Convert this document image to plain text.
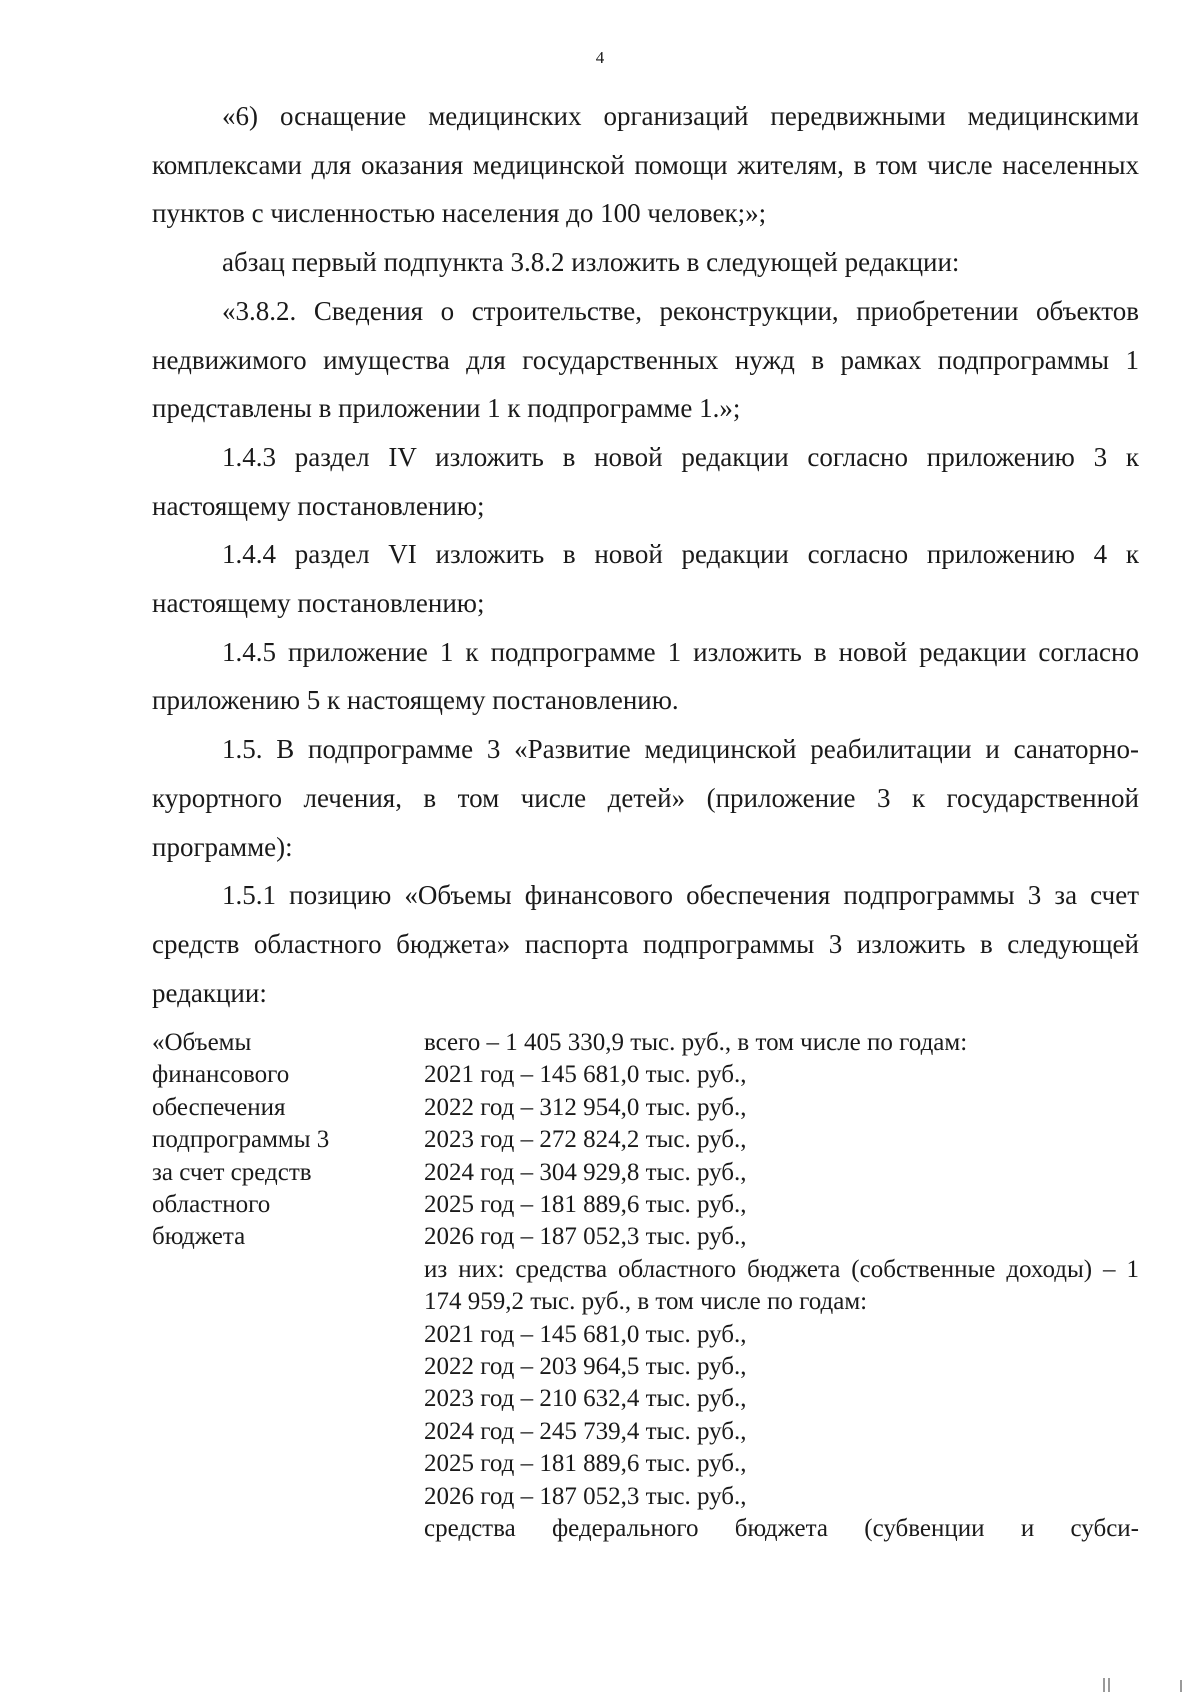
4

«6) оснащение медицинских организаций передвижными медицинскими комплексами для оказания медицинской помощи жителям, в том числе населенных пунктов с численностью населения до 100 человек;»;

абзац первый подпункта 3.8.2 изложить в следующей редакции:

«3.8.2. Сведения о строительстве, реконструкции, приобретении объектов недвижимого имущества для государственных нужд в рамках подпрограммы 1 представлены в приложении 1 к подпрограмме 1.»;

1.4.3 раздел IV изложить в новой редакции согласно приложению 3 к настоящему постановлению;

1.4.4 раздел VI изложить в новой редакции согласно приложению 4 к настоящему постановлению;

1.4.5 приложение 1 к подпрограмме 1 изложить в новой редакции согласно приложению 5 к настоящему постановлению.

1.5. В подпрограмме 3 «Развитие медицинской реабилитации и санаторно-курортного лечения, в том числе детей» (приложение 3 к государственной программе):

1.5.1 позицию «Объемы финансового обеспечения подпрограммы 3 за счет средств областного бюджета» паспорта подпрограммы 3 изложить в следующей редакции:

«Объемы
финансового
обеспечения
подпрограммы 3
за счет средств
областного
бюджета
всего – 1 405 330,9 тыс. руб., в том числе по годам:
2021 год – 145 681,0 тыс. руб.,
2022 год – 312 954,0 тыс. руб.,
2023 год – 272 824,2 тыс. руб.,
2024 год – 304 929,8 тыс. руб.,
2025 год – 181 889,6 тыс. руб.,
2026 год – 187 052,3 тыс. руб.,
из них: средства областного бюджета (собственные доходы) – 1 174 959,2 тыс. руб., в том числе по годам:
2021 год – 145 681,0 тыс. руб.,
2022 год – 203 964,5 тыс. руб.,
2023 год – 210 632,4 тыс. руб.,
2024 год – 245 739,4 тыс. руб.,
2025 год – 181 889,6 тыс. руб.,
2026 год – 187 052,3 тыс. руб.,
средства федерального бюджета (субвенции и субси-
